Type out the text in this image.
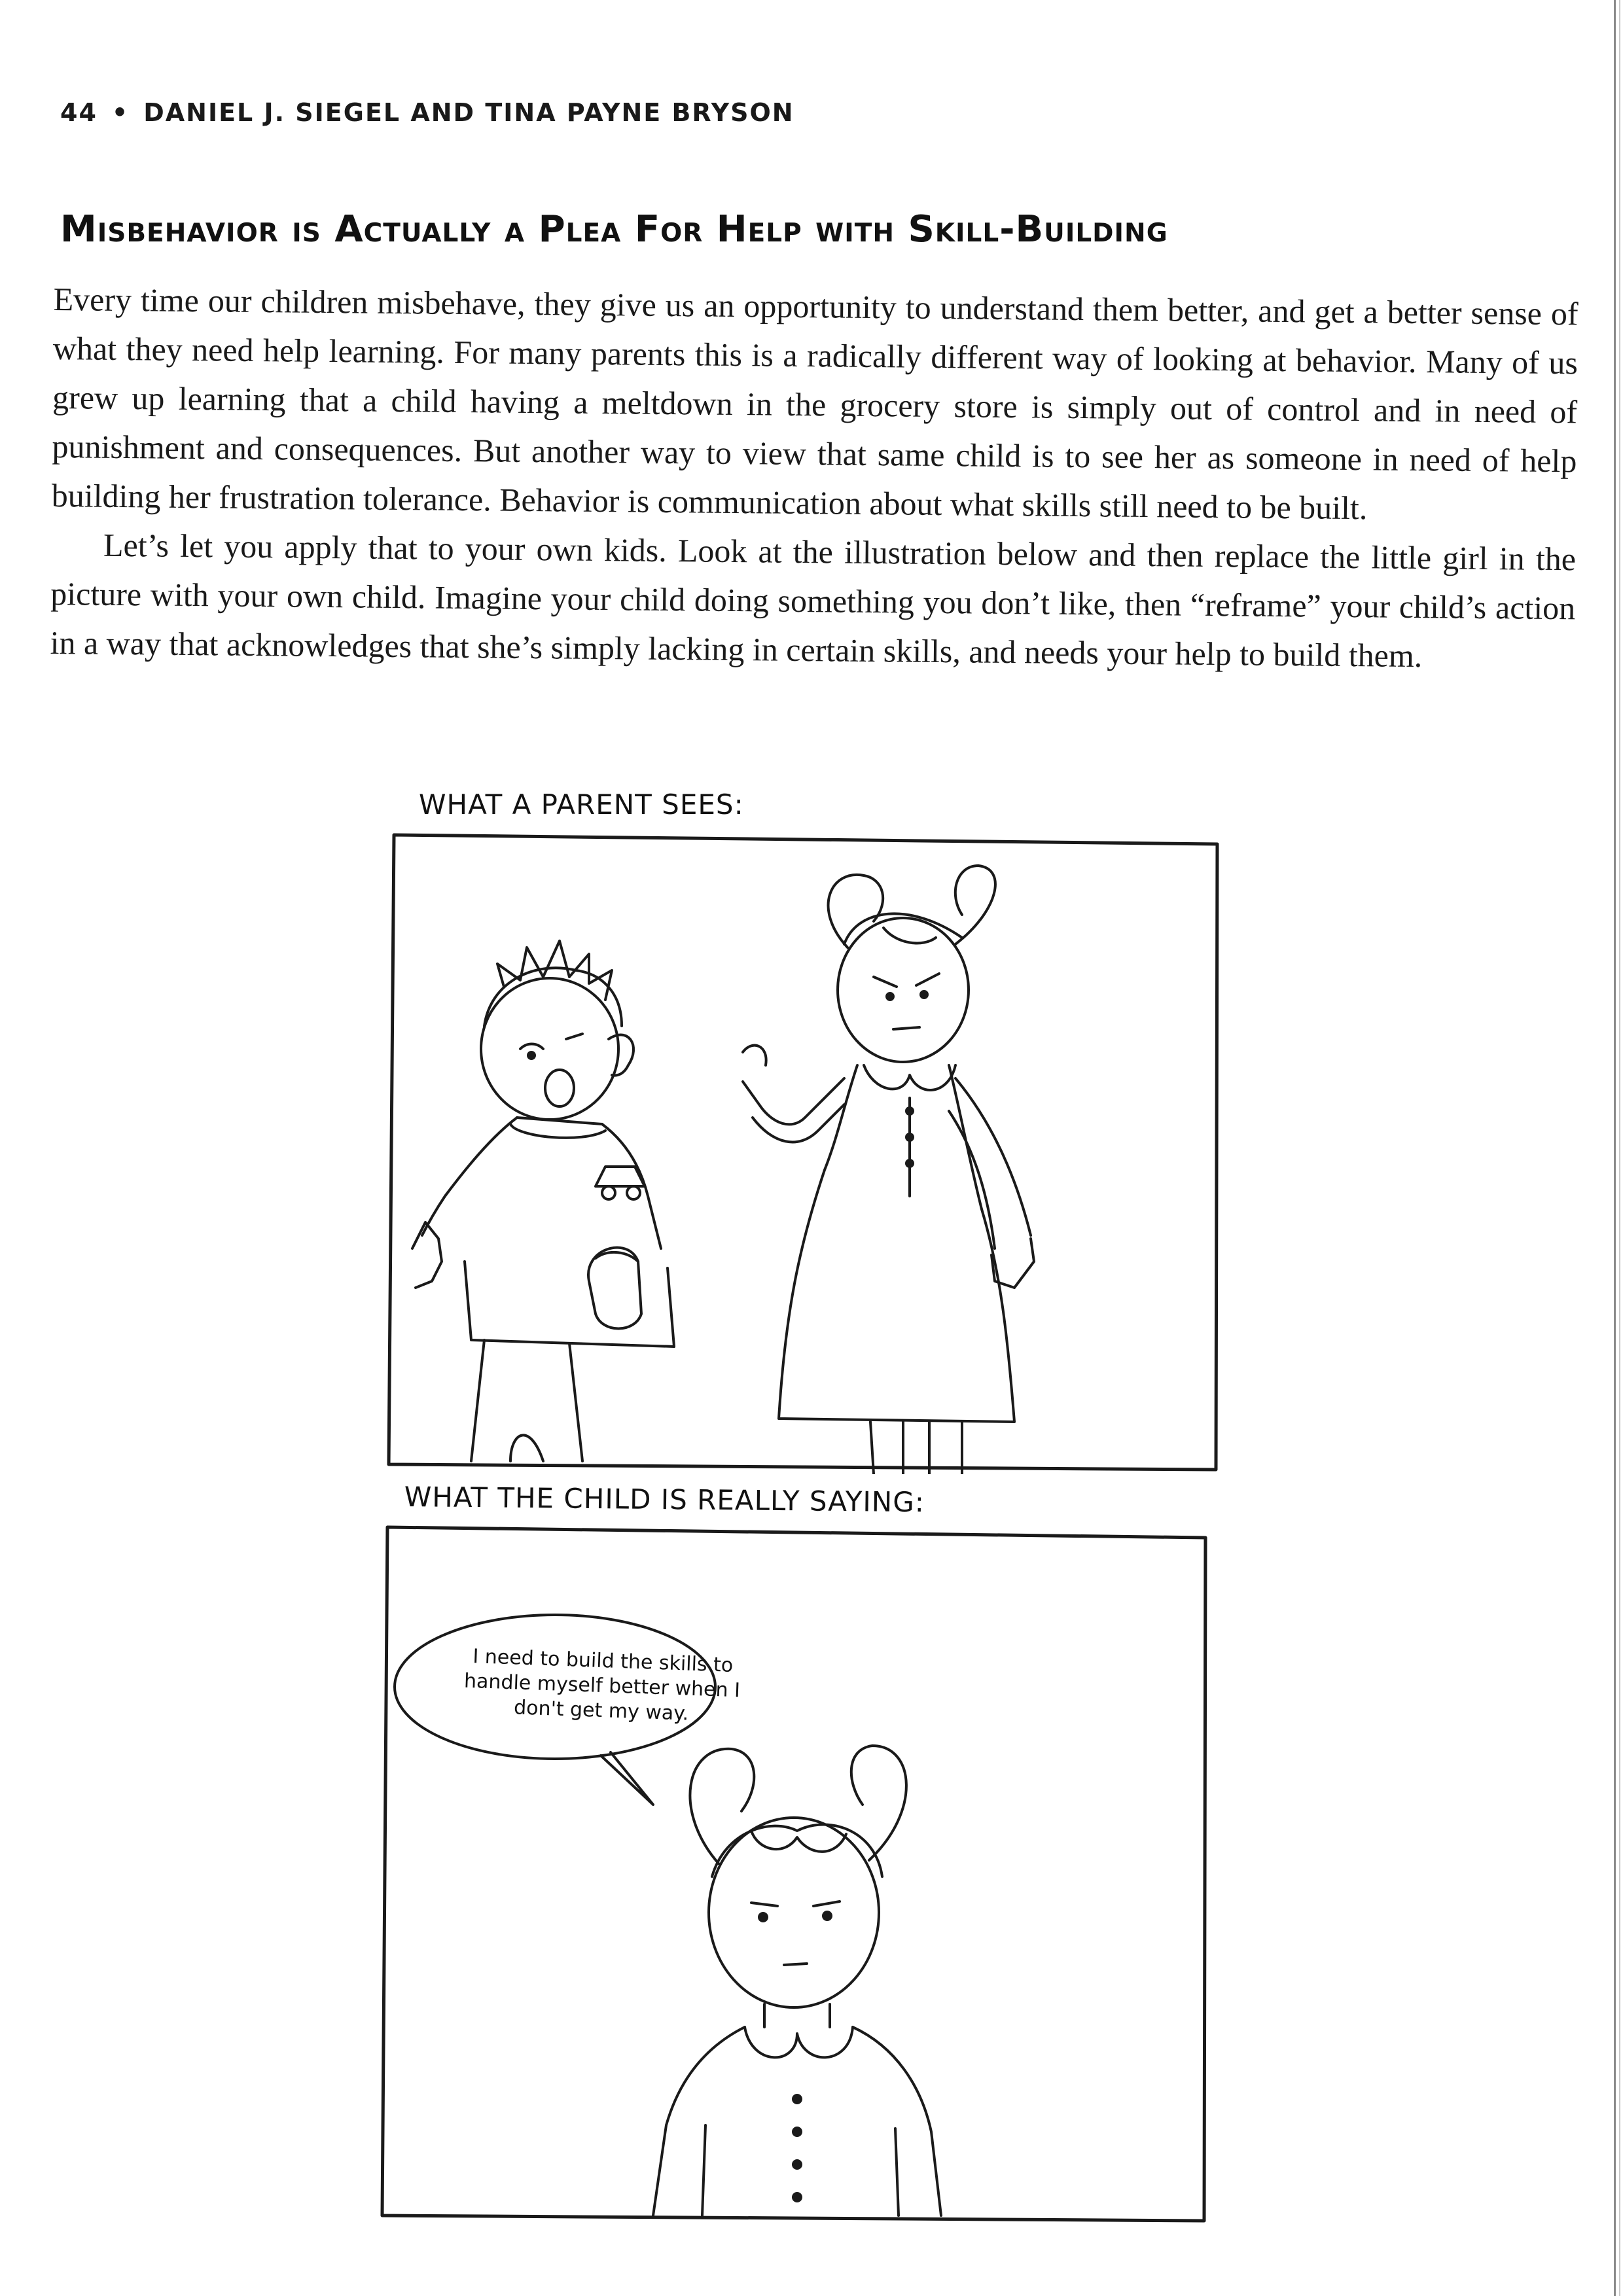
44 • DANIEL J. SIEGEL AND TINA PAYNE BRYSON
Misbehavior is Actually a Plea For Help with Skill-Building

Every time our children misbehave, they give us an opportunity to understand them better, and get a better sense of what they need help learning. For many parents this is a radically different way of looking at behavior. Many of us grew up learning that a child having a meltdown in the grocery store is simply out of control and in need of punishment and consequences. But another way to view that same child is to see her as someone in need of help building her frustration tolerance. Behavior is communication about what skills still need to be built.

Let’s let you apply that to your own kids. Look at the illustration below and then replace the little girl in the picture with your own child. Imagine your child doing something you don’t like, then “reframe” your child’s action in a way that acknowledges that she’s simply lacking in certain skills, and needs your help to build them.

WHAT A PARENT SEES:
WHAT THE CHILD IS REALLY SAYING:
I need to build the skills to handle myself better when I don't get my way.
